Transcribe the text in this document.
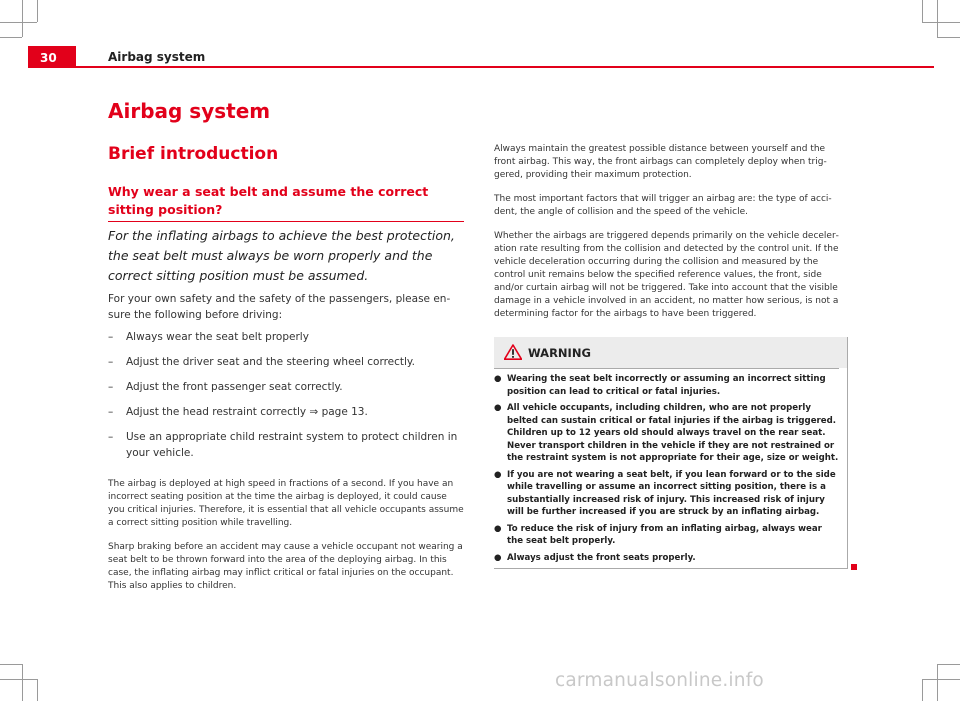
30	Airbag system
Airbag system
Brief introduction
Why wear a seat belt and assume the correct sitting position?
For the inflating airbags to achieve the best protection, the seat belt must always be worn properly and the correct sitting position must be assumed.
For your own safety and the safety of the passengers, please ensure the following before driving:
– Always wear the seat belt properly
– Adjust the driver seat and the steering wheel correctly.
– Adjust the front passenger seat correctly.
– Adjust the head restraint correctly ⇒ page 13.
– Use an appropriate child restraint system to protect children in your vehicle.
The airbag is deployed at high speed in fractions of a second. If you have an incorrect seating position at the time the airbag is deployed, it could cause you critical injuries. Therefore, it is essential that all vehicle occupants assume a correct sitting position while travelling.
Sharp braking before an accident may cause a vehicle occupant not wearing a seat belt to be thrown forward into the area of the deploying airbag. In this case, the inflating airbag may inflict critical or fatal injuries on the occupant. This also applies to children.
Always maintain the greatest possible distance between yourself and the front airbag. This way, the front airbags can completely deploy when triggered, providing their maximum protection.
The most important factors that will trigger an airbag are: the type of accident, the angle of collision and the speed of the vehicle.
Whether the airbags are triggered depends primarily on the vehicle deceleration rate resulting from the collision and detected by the control unit. If the vehicle deceleration occurring during the collision and measured by the control unit remains below the specified reference values, the front, side and/or curtain airbag will not be triggered. Take into account that the visible damage in a vehicle involved in an accident, no matter how serious, is not a determining factor for the airbags to have been triggered.
WARNING
● Wearing the seat belt incorrectly or assuming an incorrect sitting position can lead to critical or fatal injuries.
● All vehicle occupants, including children, who are not properly belted can sustain critical or fatal injuries if the airbag is triggered. Children up to 12 years old should always travel on the rear seat. Never transport children in the vehicle if they are not restrained or the restraint system is not appropriate for their age, size or weight.
● If you are not wearing a seat belt, if you lean forward or to the side while travelling or assume an incorrect sitting position, there is a substantially increased risk of injury. This increased risk of injury will be further increased if you are struck by an inflating airbag.
● To reduce the risk of injury from an inflating airbag, always wear the seat belt properly.
● Always adjust the front seats properly.
carmanualsonline.info
